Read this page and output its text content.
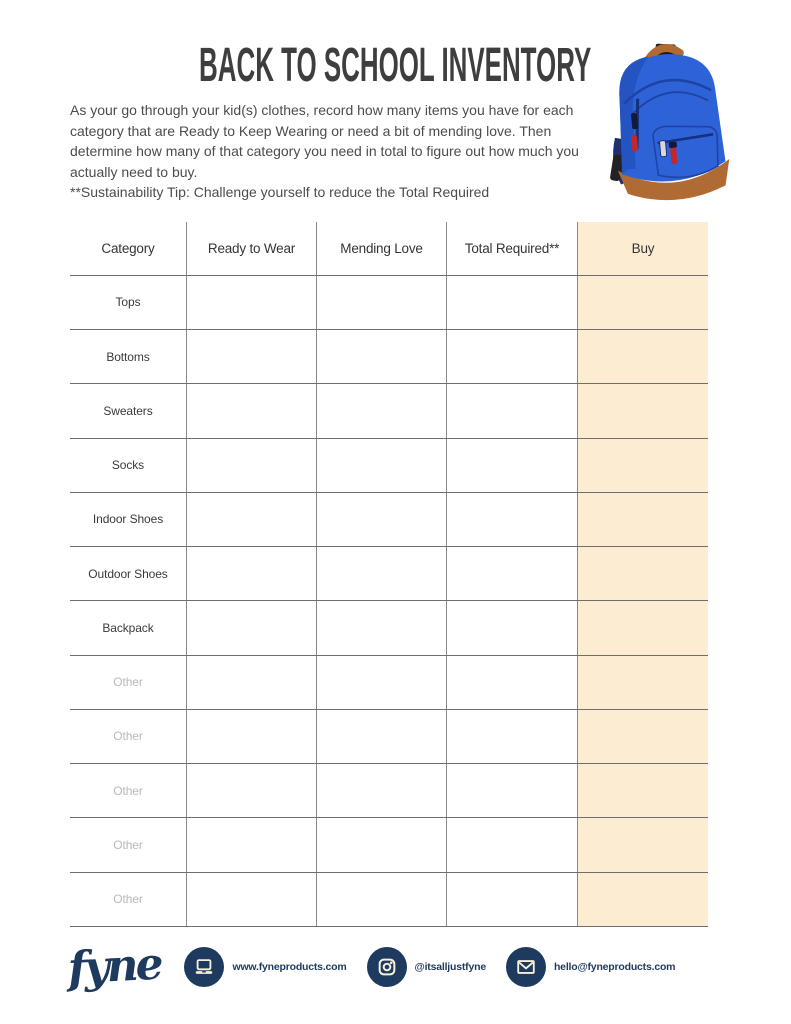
BACK TO SCHOOL INVENTORY

As your go through your kid(s) clothes, record how many items you have for each category that are Ready to Keep Wearing or need a bit of mending love. Then determine how many of that category you need in total to figure out how much you actually need to buy.

**Sustainability Tip: Challenge yourself to reduce the Total Required

Category	Ready to Wear	Mending Love	Total Required**	Buy
Tops
Bottoms
Sweaters
Socks
Indoor Shoes
Outdoor Shoes
Backpack
Other
Other
Other
Other
Other
fyne	www.fyneproducts.com	@itsalljustfyne	hello@fyneproducts.com
